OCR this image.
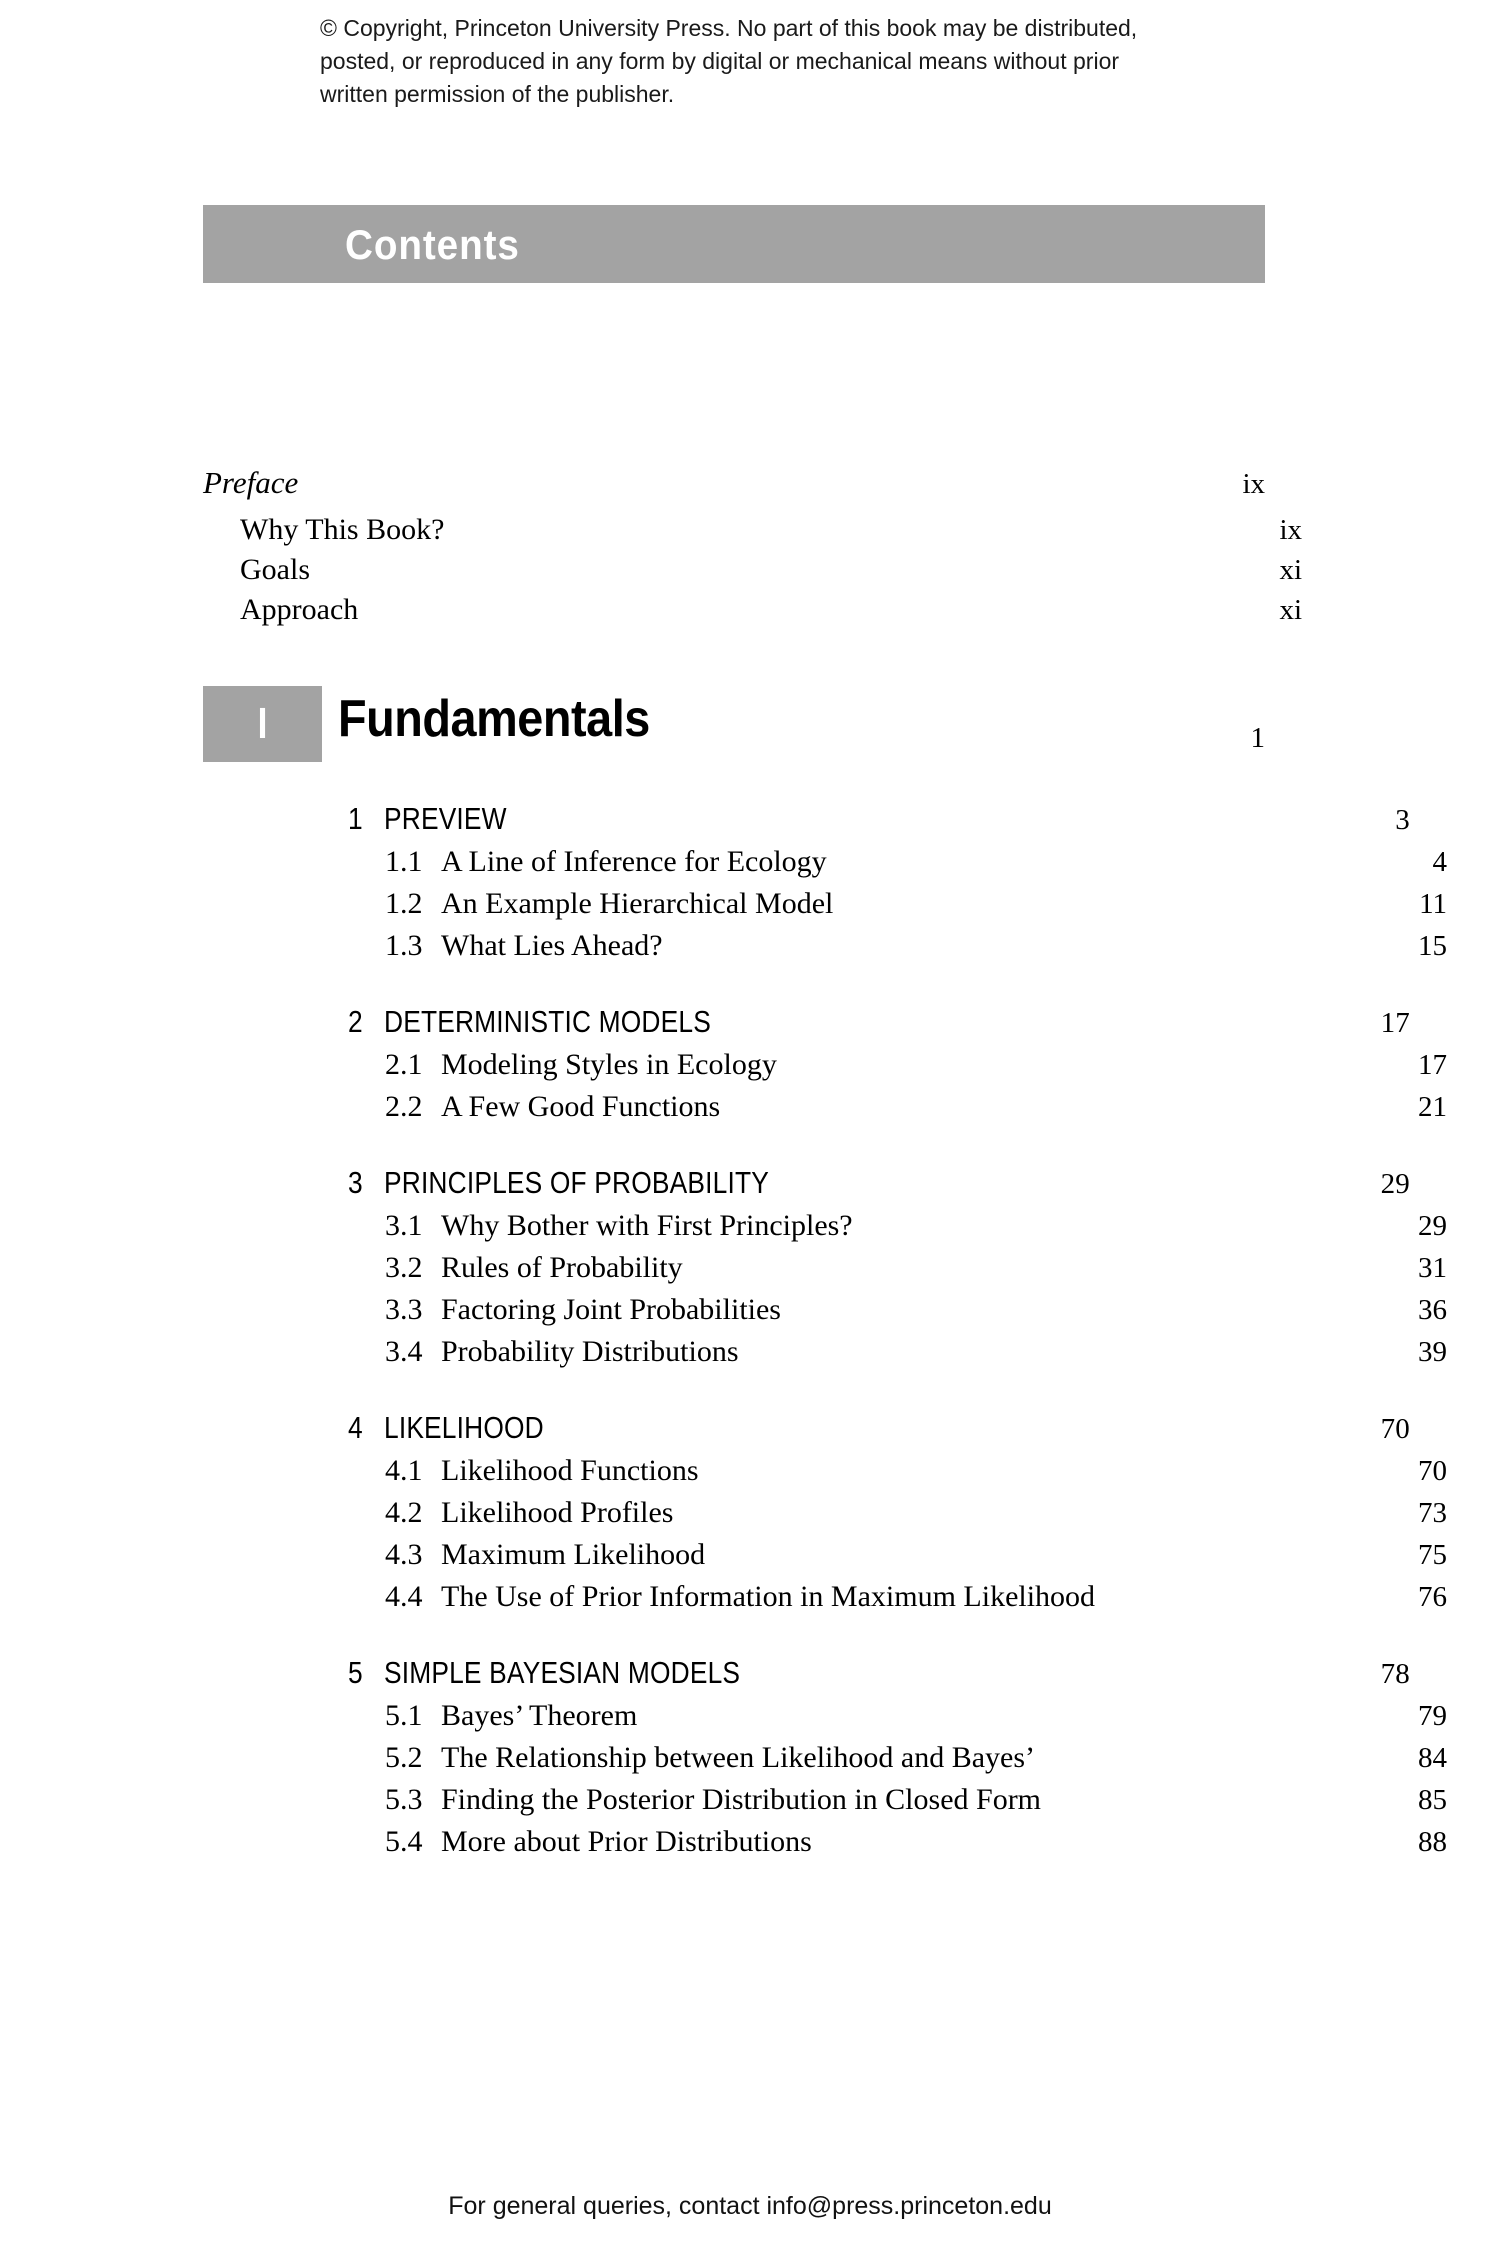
© Copyright, Princeton University Press. No part of this book may be distributed, posted, or reproduced in any form by digital or mechanical means without prior written permission of the publisher.
Contents
Preface	ix
Why This Book?	ix
Goals	xi
Approach	xi
I	Fundamentals	1
1 PREVIEW	3
1.1 A Line of Inference for Ecology	4
1.2 An Example Hierarchical Model	11
1.3 What Lies Ahead?	15
2 DETERMINISTIC MODELS	17
2.1 Modeling Styles in Ecology	17
2.2 A Few Good Functions	21
3 PRINCIPLES OF PROBABILITY	29
3.1 Why Bother with First Principles?	29
3.2 Rules of Probability	31
3.3 Factoring Joint Probabilities	36
3.4 Probability Distributions	39
4 LIKELIHOOD	70
4.1 Likelihood Functions	70
4.2 Likelihood Profiles	73
4.3 Maximum Likelihood	75
4.4 The Use of Prior Information in Maximum Likelihood	76
5 SIMPLE BAYESIAN MODELS	78
5.1 Bayes’ Theorem	79
5.2 The Relationship between Likelihood and Bayes’	84
5.3 Finding the Posterior Distribution in Closed Form	85
5.4 More about Prior Distributions	88
For general queries, contact info@press.princeton.edu
